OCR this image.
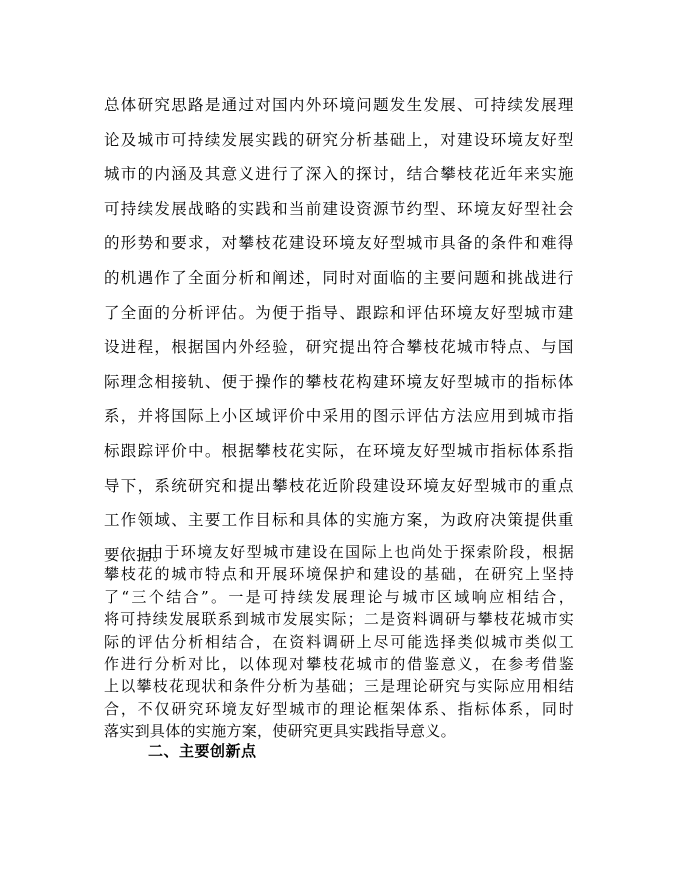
总体研究思路是通过对国内外环境问题发生发展、可持续发展理
论及城市可持续发展实践的研究分析基础上，对建设环境友好型
城市的内涵及其意义进行了深入的探讨，结合攀枝花近年来实施
可持续发展战略的实践和当前建设资源节约型、环境友好型社会
的形势和要求，对攀枝花建设环境友好型城市具备的条件和难得
的机遇作了全面分析和阐述，同时对面临的主要问题和挑战进行
了全面的分析评估。为便于指导、跟踪和评估环境友好型城市建
设进程，根据国内外经验，研究提出符合攀枝花城市特点、与国
际理念相接轨、便于操作的攀枝花构建环境友好型城市的指标体
系，并将国际上小区域评价中采用的图示评估方法应用到城市指
标跟踪评价中。根据攀枝花实际，在环境友好型城市指标体系指
导下，系统研究和提出攀枝花近阶段建设环境友好型城市的重点
工作领域、主要工作目标和具体的实施方案，为政府决策提供重
要依据。
由于环境友好型城市建设在国际上也尚处于探索阶段，根据
攀枝花的城市特点和开展环境保护和建设的基础，在研究上坚持
了“三个结合”。一是可持续发展理论与城市区域响应相结合，
将可持续发展联系到城市发展实际；二是资料调研与攀枝花城市实
际的评估分析相结合，在资料调研上尽可能选择类似城市类似工
作进行分析对比，以体现对攀枝花城市的借鉴意义，在参考借鉴
上以攀枝花现状和条件分析为基础；三是理论研究与实际应用相结
合，不仅研究环境友好型城市的理论框架体系、指标体系，同时
落实到具体的实施方案，使研究更具实践指导意义。
二、主要创新点
